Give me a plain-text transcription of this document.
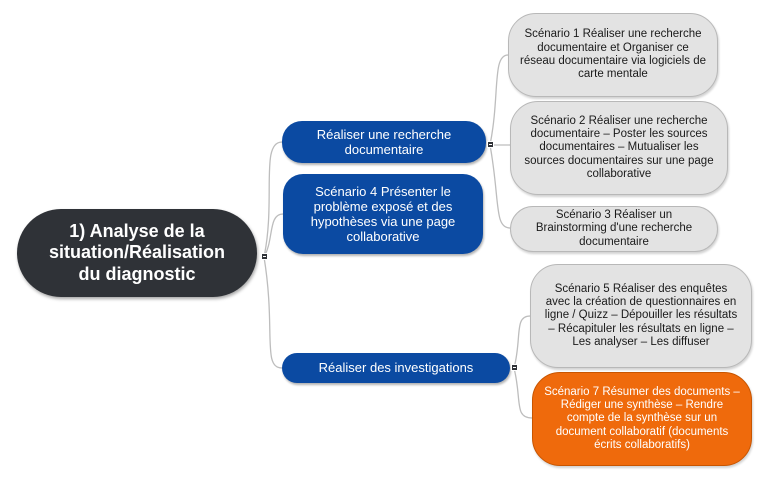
1) Analyse de la situation/Réalisation du diagnostic
Réaliser une recherche documentaire
Scénario 4 Présenter le problème exposé et des hypothèses via une page collaborative
Réaliser des investigations
Scénario 1 Réaliser une recherche documentaire et Organiser ce réseau documentaire via logiciels de carte mentale
Scénario 2 Réaliser une recherche documentaire – Poster les sources documentaires – Mutualiser les sources documentaires sur une page collaborative
Scénario 3 Réaliser un Brainstorming d'une recherche documentaire
Scénario 5 Réaliser des enquêtes avec la création de questionnaires en ligne / Quizz – Dépouiller les résultats – Récapituler les résultats en ligne – Les analyser – Les diffuser
Scénario 7 Résumer des documents – Rédiger une synthèse – Rendre compte de la synthèse sur un document collaboratif (documents écrits collaboratifs)
